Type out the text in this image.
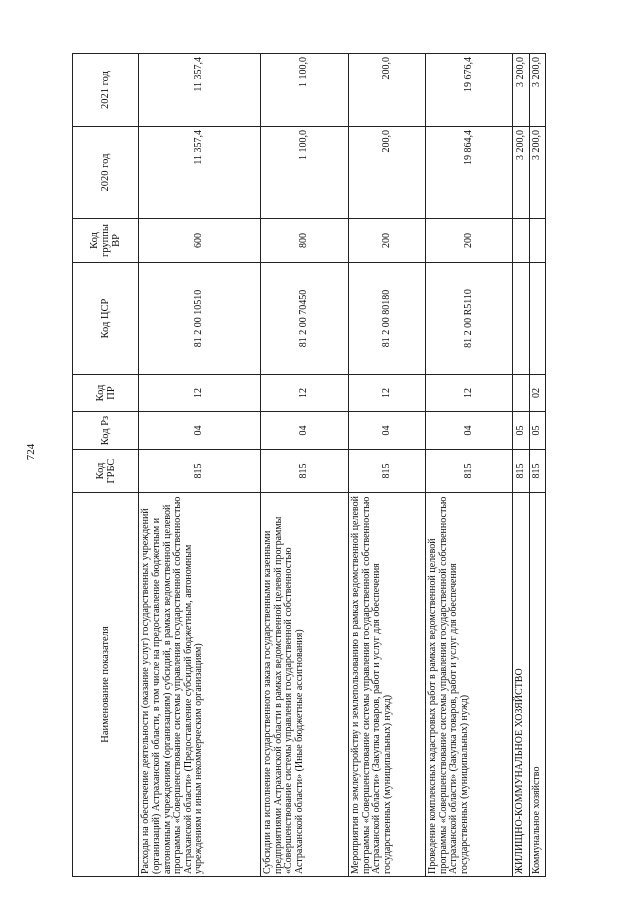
724
Наименование показателя	Код ГРБС	Код Рз	Код ПР	Код ЦСР	Код группы ВР	2020 год	2021 год
Расходы на обеспечение деятельности (оказание услуг) государственных учреждений (организаций) Астраханской области, в том числе на предоставление бюджетным и автономным учреждениям (организациям) субсидий, в рамках ведомственной целевой программы «Совершенствование системы управления государственной собственностью Астраханской области» (Предоставление субсидий бюджетным, автономным учреждениям и иным некоммерческим организациям)	815	04	12	81 2 00 10510	600	11 357,4	11 357,4
Субсидии на исполнение государственного заказа государственными казенными предприятиями Астраханской области в рамках ведомственной целевой программы «Совершенствование системы управления государственной собственностью Астраханской области» (Иные бюджетные ассигнования)	815	04	12	81 2 00 70450	800	1 100,0	1 100,0
Мероприятия по землеустройству и землепользованию в рамках ведомственной целевой программы «Совершенствование системы управления государственной собственностью Астраханской области» (Закупка товаров, работ и услуг для обеспечения государственных (муниципальных) нужд)	815	04	12	81 2 00 80180	200	200,0	200,0
Проведение комплексных кадастровых работ в рамках ведомственной целевой программы «Совершенствование системы управления государственной собственностью Астраханской области» (Закупка товаров, работ и услуг для обеспечения государственных (муниципальных) нужд)	815	04	12	81 2 00 R5110	200	19 864,4	19 676,4
ЖИЛИЩНО-КОММУНАЛЬНОЕ ХОЗЯЙСТВО	815	05				3 200,0	3 200,0
Коммунальное хозяйство	815	05	02			3 200,0	3 200,0
